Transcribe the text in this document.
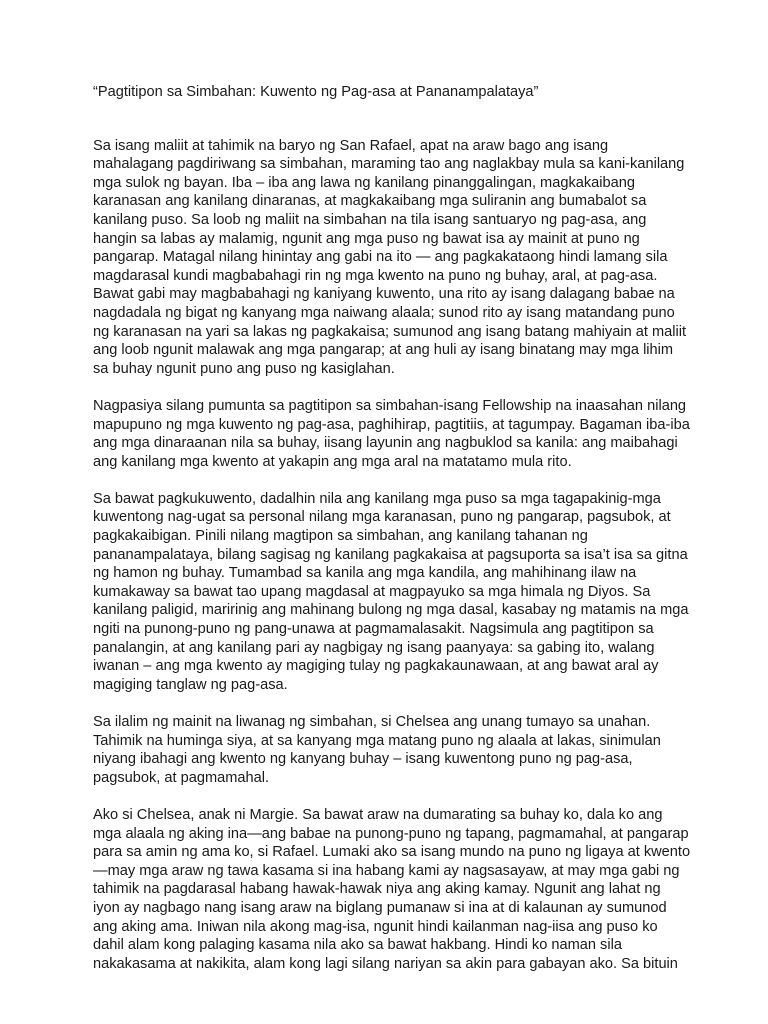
“Pagtitipon sa Simbahan: Kuwento ng Pag-asa at Pananampalataya”

Sa isang maliit at tahimik na baryo ng San Rafael, apat na araw bago ang isang
mahalagang pagdiriwang sa simbahan, maraming tao ang naglakbay mula sa kani-kanilang
mga sulok ng bayan. Iba – iba ang lawa ng kanilang pinanggalingan, magkakaibang
karanasan ang kanilang dinaranas, at magkakaibang mga suliranin ang bumabalot sa
kanilang puso. Sa loob ng maliit na simbahan na tila isang santuaryo ng pag-asa, ang
hangin sa labas ay malamig, ngunit ang mga puso ng bawat isa ay mainit at puno ng
pangarap. Matagal nilang hinintay ang gabi na ito — ang pagkakataong hindi lamang sila
magdarasal kundi magbabahagi rin ng mga kwento na puno ng buhay, aral, at pag-asa.
Bawat gabi may magbabahagi ng kaniyang kuwento, una rito ay isang dalagang babae na
nagdadala ng bigat ng kanyang mga naiwang alaala; sunod rito ay isang matandang puno
ng karanasan na yari sa lakas ng pagkakaisa; sumunod ang isang batang mahiyain at maliit
ang loob ngunit malawak ang mga pangarap; at ang huli ay isang binatang may mga lihim
sa buhay ngunit puno ang puso ng kasiglahan.

Nagpasiya silang pumunta sa pagtitipon sa simbahan-isang Fellowship na inaasahan nilang
mapupuno ng mga kuwento ng pag-asa, paghihirap, pagtitiis, at tagumpay. Bagaman iba-iba
ang mga dinaraanan nila sa buhay, iisang layunin ang nagbuklod sa kanila: ang maibahagi
ang kanilang mga kwento at yakapin ang mga aral na matatamo mula rito.

Sa bawat pagkukuwento, dadalhin nila ang kanilang mga puso sa mga tagapakinig-mga
kuwentong nag-ugat sa personal nilang mga karanasan, puno ng pangarap, pagsubok, at
pagkakaibigan. Pinili nilang magtipon sa simbahan, ang kanilang tahanan ng
pananampalataya, bilang sagisag ng kanilang pagkakaisa at pagsuporta sa isa’t isa sa gitna
ng hamon ng buhay. Tumambad sa kanila ang mga kandila, ang mahihinang ilaw na
kumakaway sa bawat tao upang magdasal at magpayuko sa mga himala ng Diyos. Sa
kanilang paligid, maririnig ang mahinang bulong ng mga dasal, kasabay ng matamis na mga
ngiti na punong-puno ng pang-unawa at pagmamalasakit. Nagsimula ang pagtitipon sa
panalangin, at ang kanilang pari ay nagbigay ng isang paanyaya: sa gabing ito, walang
iwanan – ang mga kwento ay magiging tulay ng pagkakaunawaan, at ang bawat aral ay
magiging tanglaw ng pag-asa.

Sa ilalim ng mainit na liwanag ng simbahan, si Chelsea ang unang tumayo sa unahan.
Tahimik na huminga siya, at sa kanyang mga matang puno ng alaala at lakas, sinimulan
niyang ibahagi ang kwento ng kanyang buhay – isang kuwentong puno ng pag-asa,
pagsubok, at pagmamahal.

Ako si Chelsea, anak ni Margie. Sa bawat araw na dumarating sa buhay ko, dala ko ang
mga alaala ng aking ina—ang babae na punong-puno ng tapang, pagmamahal, at pangarap
para sa amin ng ama ko, si Rafael. Lumaki ako sa isang mundo na puno ng ligaya at kwento
—may mga araw ng tawa kasama si ina habang kami ay nagsasayaw, at may mga gabi ng
tahimik na pagdarasal habang hawak-hawak niya ang aking kamay. Ngunit ang lahat ng
iyon ay nagbago nang isang araw na biglang pumanaw si ina at di kalaunan ay sumunod
ang aking ama. Iniwan nila akong mag-isa, ngunit hindi kailanman nag-iisa ang puso ko
dahil alam kong palaging kasama nila ako sa bawat hakbang. Hindi ko naman sila
nakakasama at nakikita, alam kong lagi silang nariyan sa akin para gabayan ako. Sa bituin
